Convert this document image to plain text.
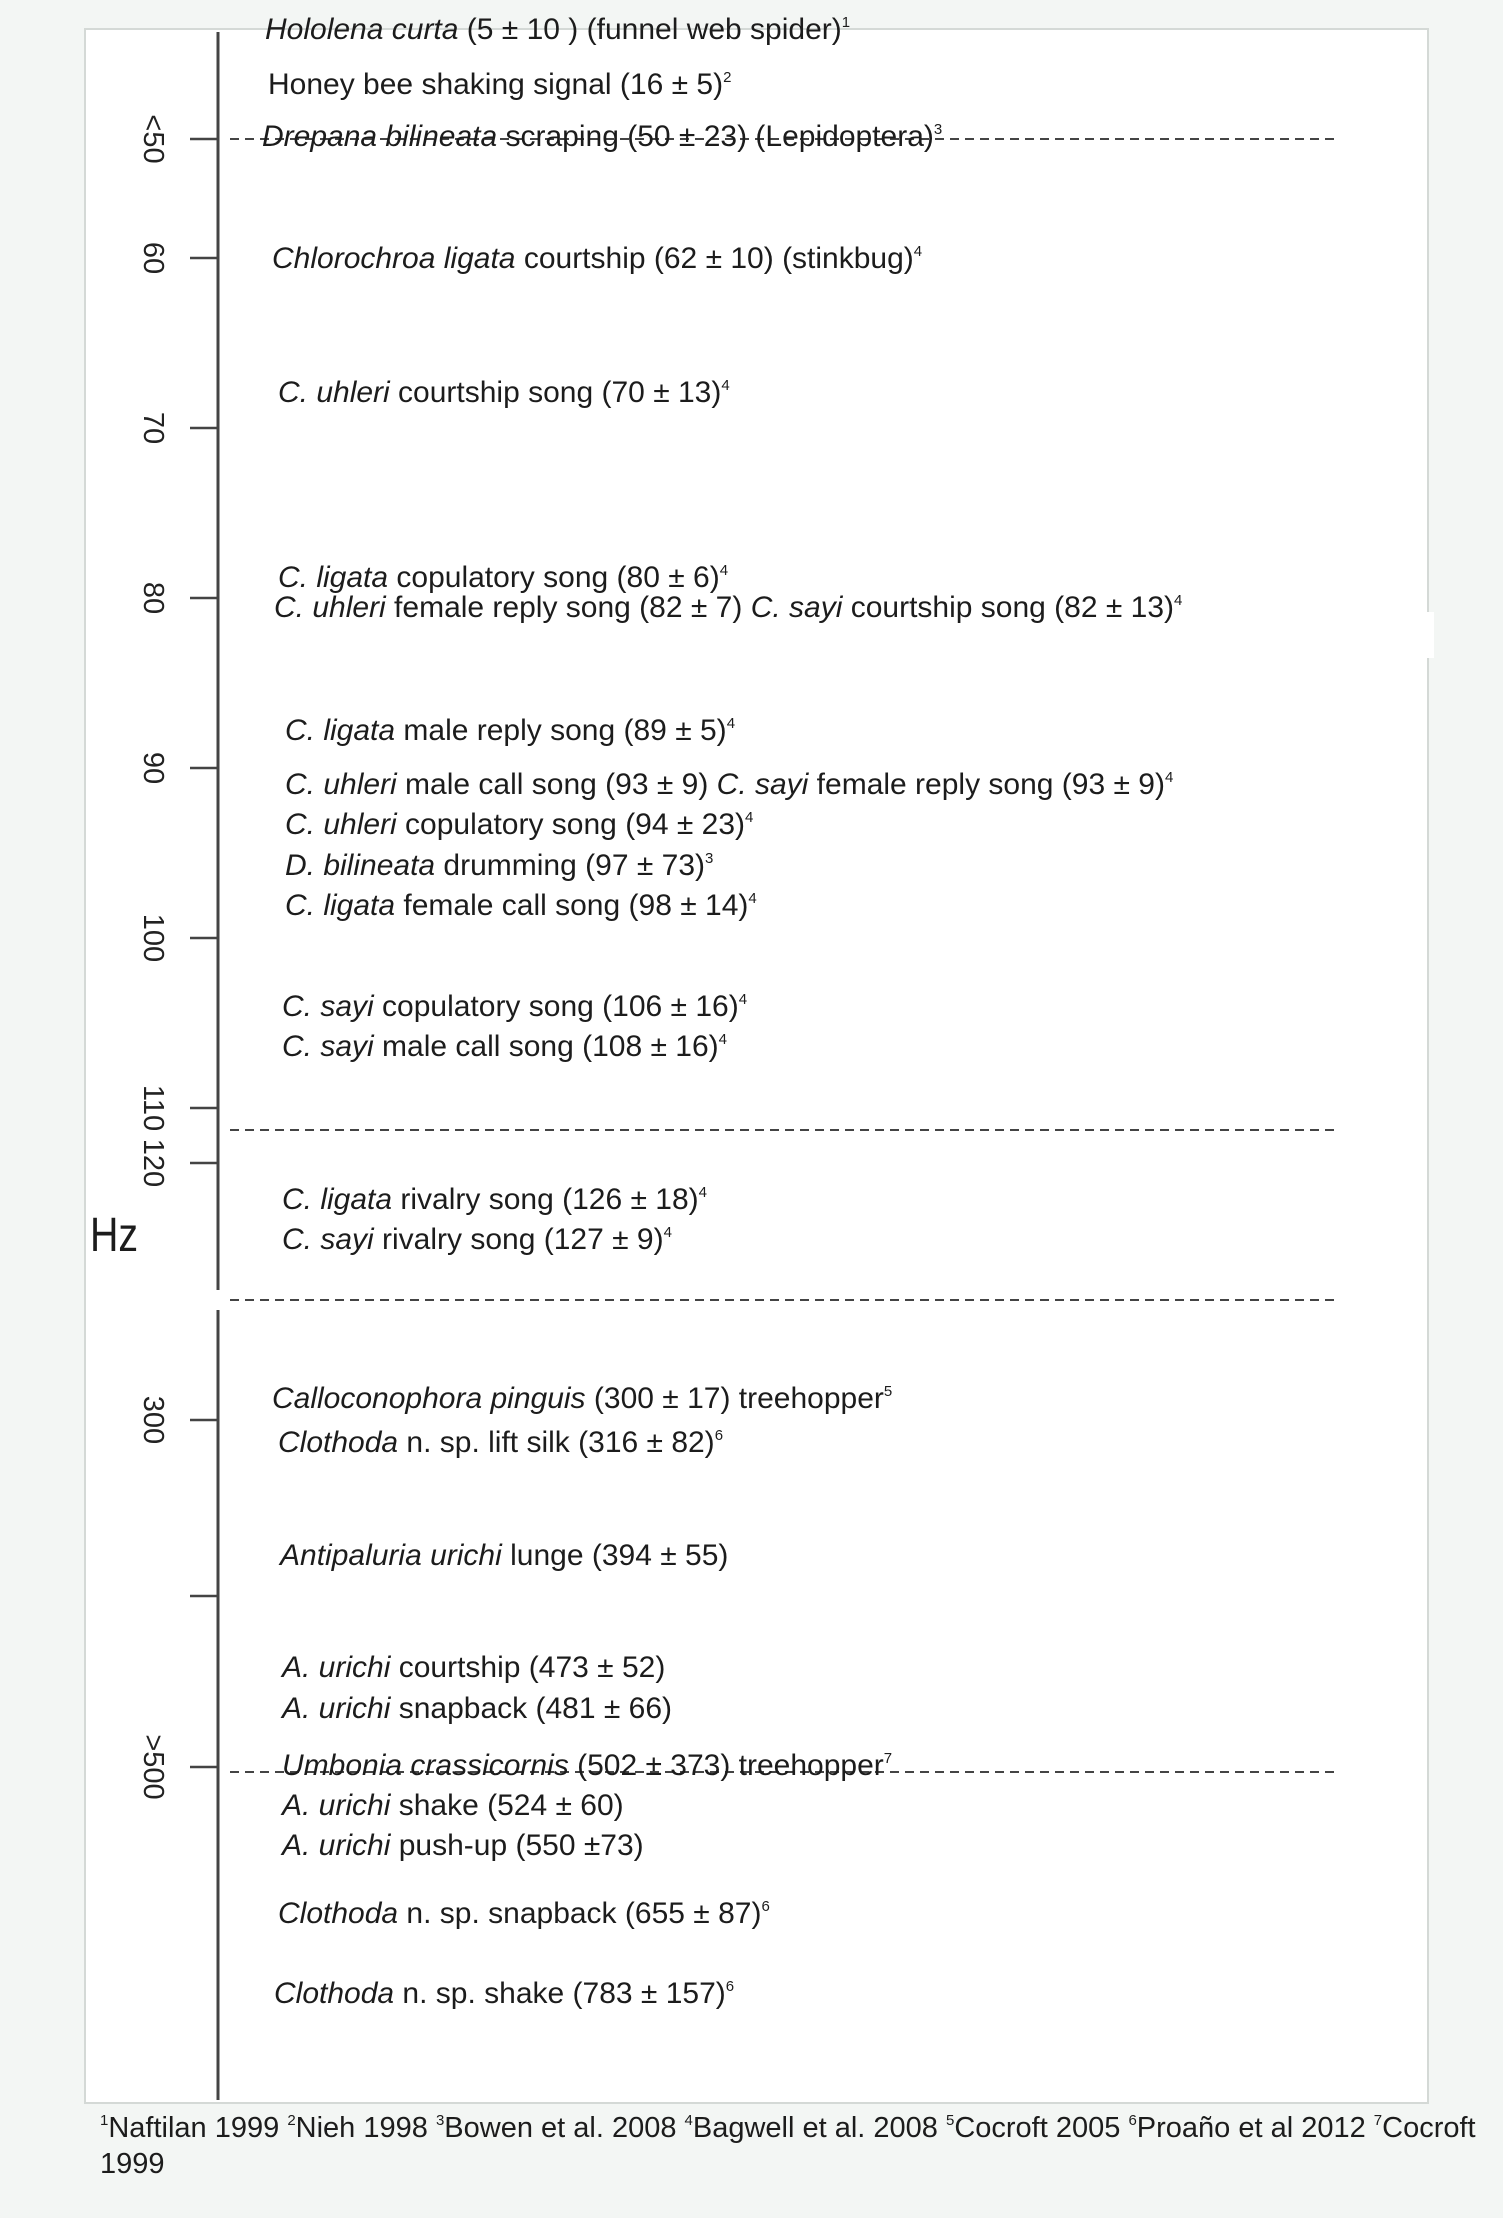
<50
60
70
80
90
100
110
120
300
>500
Hz
Hololena curta (5 ± 10 ) (funnel web spider)$^1$
Honey bee shaking signal $(16 \pm 5)^2$
Drepana bilineata scraping (50 ± 23) (Lepidoptera)$^3$
Chlorochroa ligata courtship (62 ± 10) (stinkbug)$^4$
C. uhleri courtship song $(70 \pm 13)^4$
C. ligata copulatory song $(80 \pm 6)^4$
C. uhleri female reply song (82 ± 7) C. sayi courtship song $(82 \pm 13)^4$
C. ligata male reply song $(89 \pm 5)^4$
C. uhleri male call song (93 ± 9) C. sayi female reply song $(93 \pm 9)^4$
C. uhleri copulatory song $(94 \pm 23)^4$
D. bilineata drumming $(97 \pm 73)^3$
C. ligata female call song $(98 \pm 14)^4$
C. sayi copulatory song $(106 \pm 16)^4$
C. sayi male call song $(108 \pm 16)^4$
C. ligata rivalry song $(126 \pm 18)^4$
C. sayi rivalry song $(127 \pm 9)^4$
Calloconophora pinguis (300 ± 17) treehopper$^5$
Clothoda n. sp. lift silk $(316 \pm 82)^6$
Antipaluria urichi lunge (394 ± 55)
A. urichi courtship (473 ± 52)
A. urichi snapback (481 ± 66)
Umbonia crassicornis (502 ± 373) treehopper$^7$
A. urichi shake (524 ± 60)
A. urichi push-up (550 ±73)
Clothoda n. sp. snapback $(655 \pm 87)^6$
Clothoda n. sp. shake $(783 \pm 157)^6$
$^1$Naftilan 1999 $^2$Nieh 1998 $^3$Bowen et al. 2008 $^4$Bagwell et al. 2008 $^5$Cocroft 2005 $^6$Proaño et al 2012 $^7$Cocroft 1999
